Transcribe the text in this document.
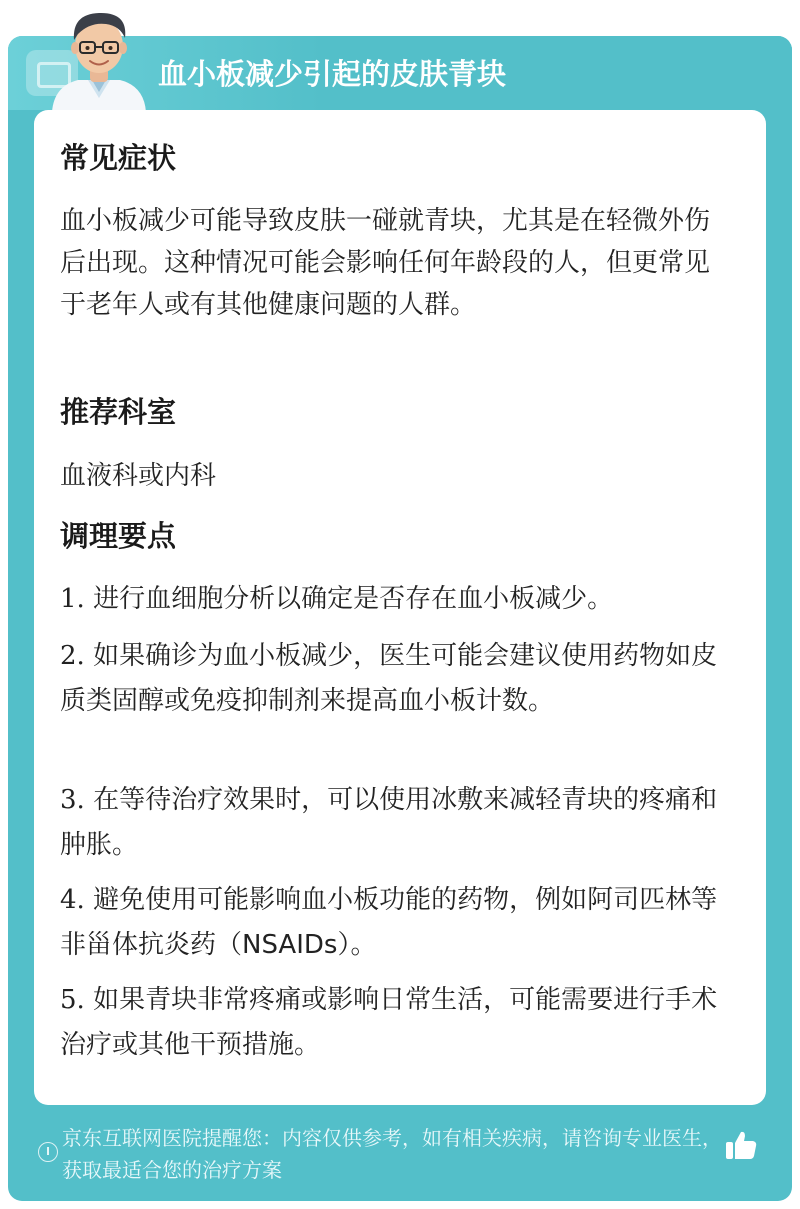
血小板减少引起的皮肤青块
常见症状
血小板减少可能导致皮肤一碰就青块，尤其是在轻微外伤后出现。这种情况可能会影响任何年龄段的人，但更常见于老年人或有其他健康问题的人群。
推荐科室
血液科或内科
调理要点
1. 进行血细胞分析以确定是否存在血小板减少。
2. 如果确诊为血小板减少，医生可能会建议使用药物如皮质类固醇或免疫抑制剂来提高血小板计数。
3. 在等待治疗效果时，可以使用冰敷来减轻青块的疼痛和肿胀。
4. 避免使用可能影响血小板功能的药物，例如阿司匹林等非甾体抗炎药（NSAIDs）。
5. 如果青块非常疼痛或影响日常生活，可能需要进行手术治疗或其他干预措施。
京东互联网医院提醒您：内容仅供参考，如有相关疾病，请咨询专业医生，获取最适合您的治疗方案
